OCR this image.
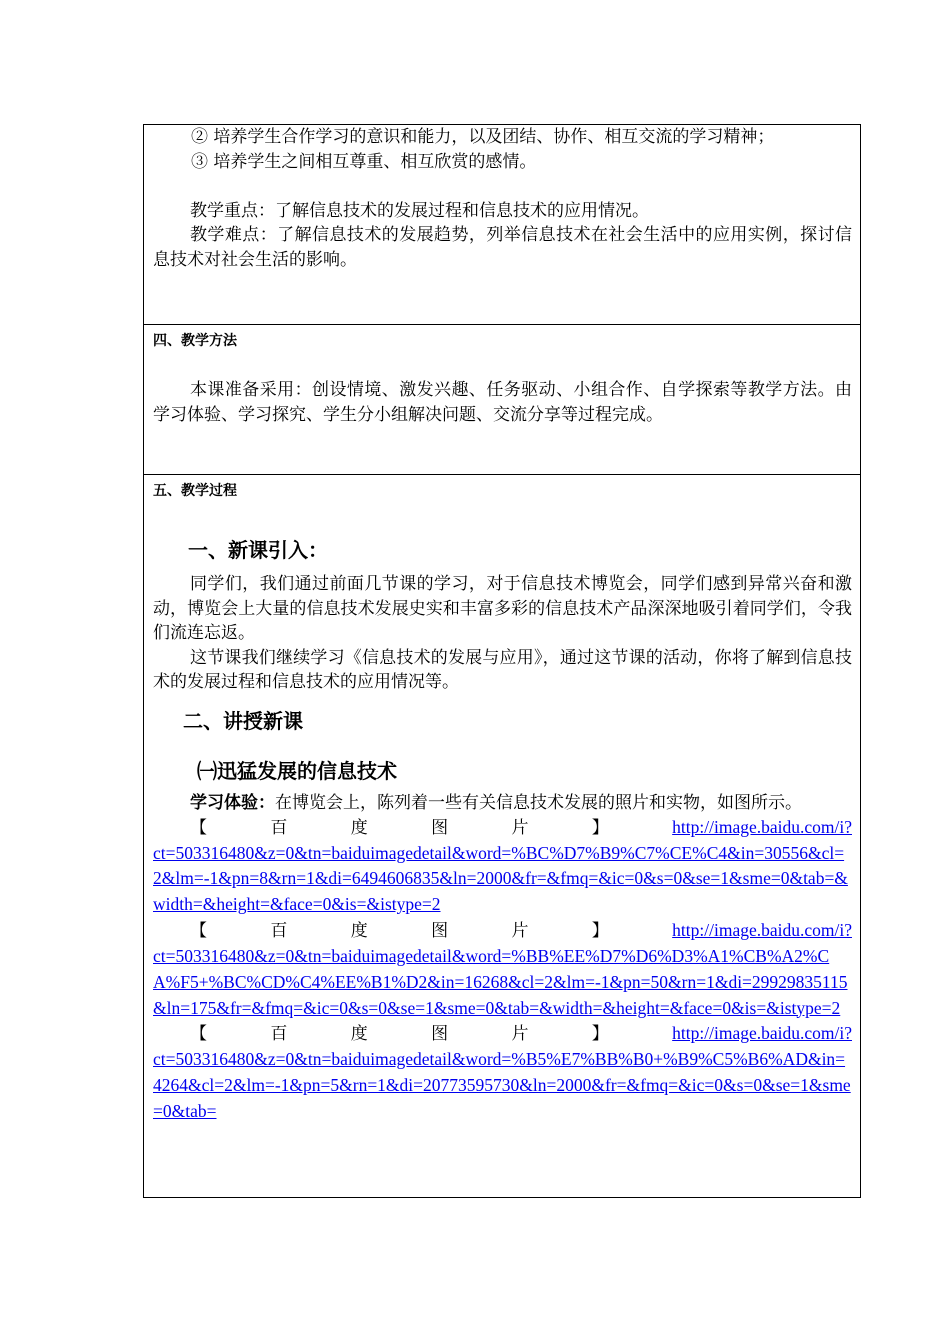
② 培养学生合作学习的意识和能力，以及团结、协作、相互交流的学习精神；

③ 培养学生之间相互尊重、相互欣赏的感情。

教学重点：了解信息技术的发展过程和信息技术的应用情况。

教学难点：了解信息技术的发展趋势，列举信息技术在社会生活中的应用实例，探讨信息技术对社会生活的影响。

四、教学方法

本课准备采用：创设情境、激发兴趣、任务驱动、小组合作、自学探索等教学方法。由学习体验、学习探究、学生分小组解决问题、交流分享等过程完成。

五、教学过程

一、新课引入：

同学们，我们通过前面几节课的学习，对于信息技术博览会，同学们感到异常兴奋和激动，博览会上大量的信息技术发展史实和丰富多彩的信息技术产品深深地吸引着同学们，令我们流连忘返。

这节课我们继续学习《信息技术的发展与应用》，通过这节课的活动，你将了解到信息技术的发展过程和信息技术的应用情况等。

二、讲授新课

㈠迅猛发展的信息技术

学习体验：在博览会上，陈列着一些有关信息技术发展的照片和实物，如图所示。

【	百	度	图	片	】	http://image.baidu.com/i?
ct=503316480&z=0&tn=baiduimagedetail&word=%BC%D7%B9%C7%CE%C4&in=30556&cl=2&lm=-1&pn=8&rn=1&di=6494606835&ln=2000&fr=&fmq=&ic=0&s=0&se=1&sme=0&tab=&width=&height=&face=0&is=&istype=2
【	百	度	图	片	】	http://image.baidu.com/i?
ct=503316480&z=0&tn=baiduimagedetail&word=%BB%EE%D7%D6%D3%A1%CB%A2%CA%F5+%BC%CD%C4%EE%B1%D2&in=16268&cl=2&lm=-1&pn=50&rn=1&di=29929835115&ln=175&fr=&fmq=&ic=0&s=0&se=1&sme=0&tab=&width=&height=&face=0&is=&istype=2
【	百	度	图	片	】	http://image.baidu.com/i?
ct=503316480&z=0&tn=baiduimagedetail&word=%B5%E7%BB%B0+%B9%C5%B6%AD&in=4264&cl=2&lm=-1&pn=5&rn=1&di=20773595730&ln=2000&fr=&fmq=&ic=0&s=0&se=1&sme=0&tab=
